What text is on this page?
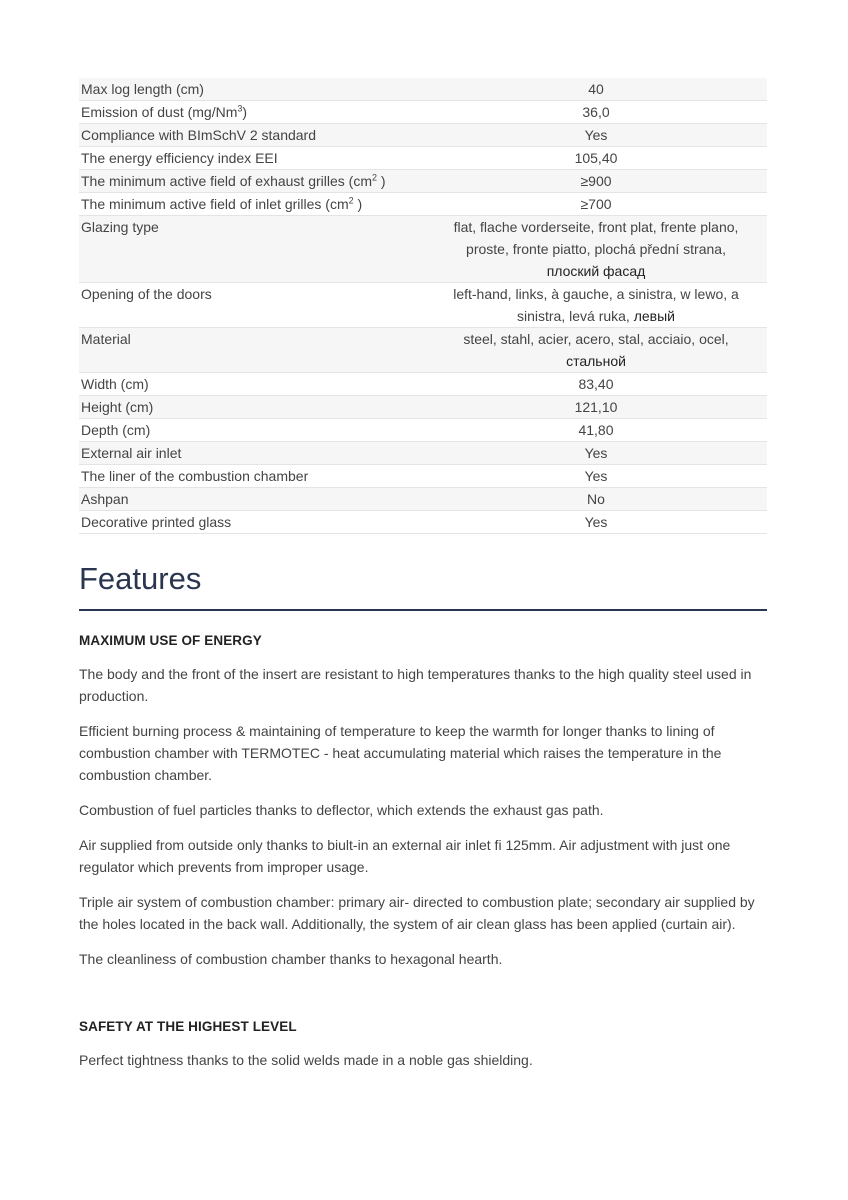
Max log length (cm)	40
Emission of dust (mg/Nm$^3$)	36,0
Compliance with BImSchV 2 standard	Yes
The energy efficiency index EEI	105,40
The minimum active field of exhaust grilles ($cm^2$ )	≥900
The minimum active field of inlet grilles ($cm^2$ )	≥700
Glazing type	flat, flache vorderseite, front plat, frente plano,
proste, fronte piatto, plochá přední strana,
плоский фасад

Opening of the doors	left-hand, links, à gauche, a sinistra, w lewo, a
sinistra, levá ruka, левый

Material	steel, stahl, acier, acero, stal, acciaio, ocel,
стальной

Width (cm)	83,40
Height (cm)	121,10
Depth (cm)	41,80
External air inlet	Yes
The liner of the combustion chamber	Yes
Ashpan	No
Decorative printed glass	Yes
Features
MAXIMUM USE OF ENERGY

The body and the front of the insert are resistant to high temperatures thanks to the high quality steel used in production.

Efficient burning process & maintaining of temperature to keep the warmth for longer thanks to lining of combustion chamber with TERMOTEC - heat accumulating material which raises the temperature in the combustion chamber.

Combustion of fuel particles thanks to deflector, which extends the exhaust gas path.

Air supplied from outside only thanks to biult-in an external air inlet fi 125mm. Air adjustment with just one regulator which prevents from improper usage.

Triple air system of combustion chamber: primary air- directed to combustion plate; secondary air supplied by the holes located in the back wall. Additionally, the system of air clean glass has been applied (curtain air).

The cleanliness of combustion chamber thanks to hexagonal hearth.

SAFETY AT THE HIGHEST LEVEL

Perfect tightness thanks to the solid welds made in a noble gas shielding.
